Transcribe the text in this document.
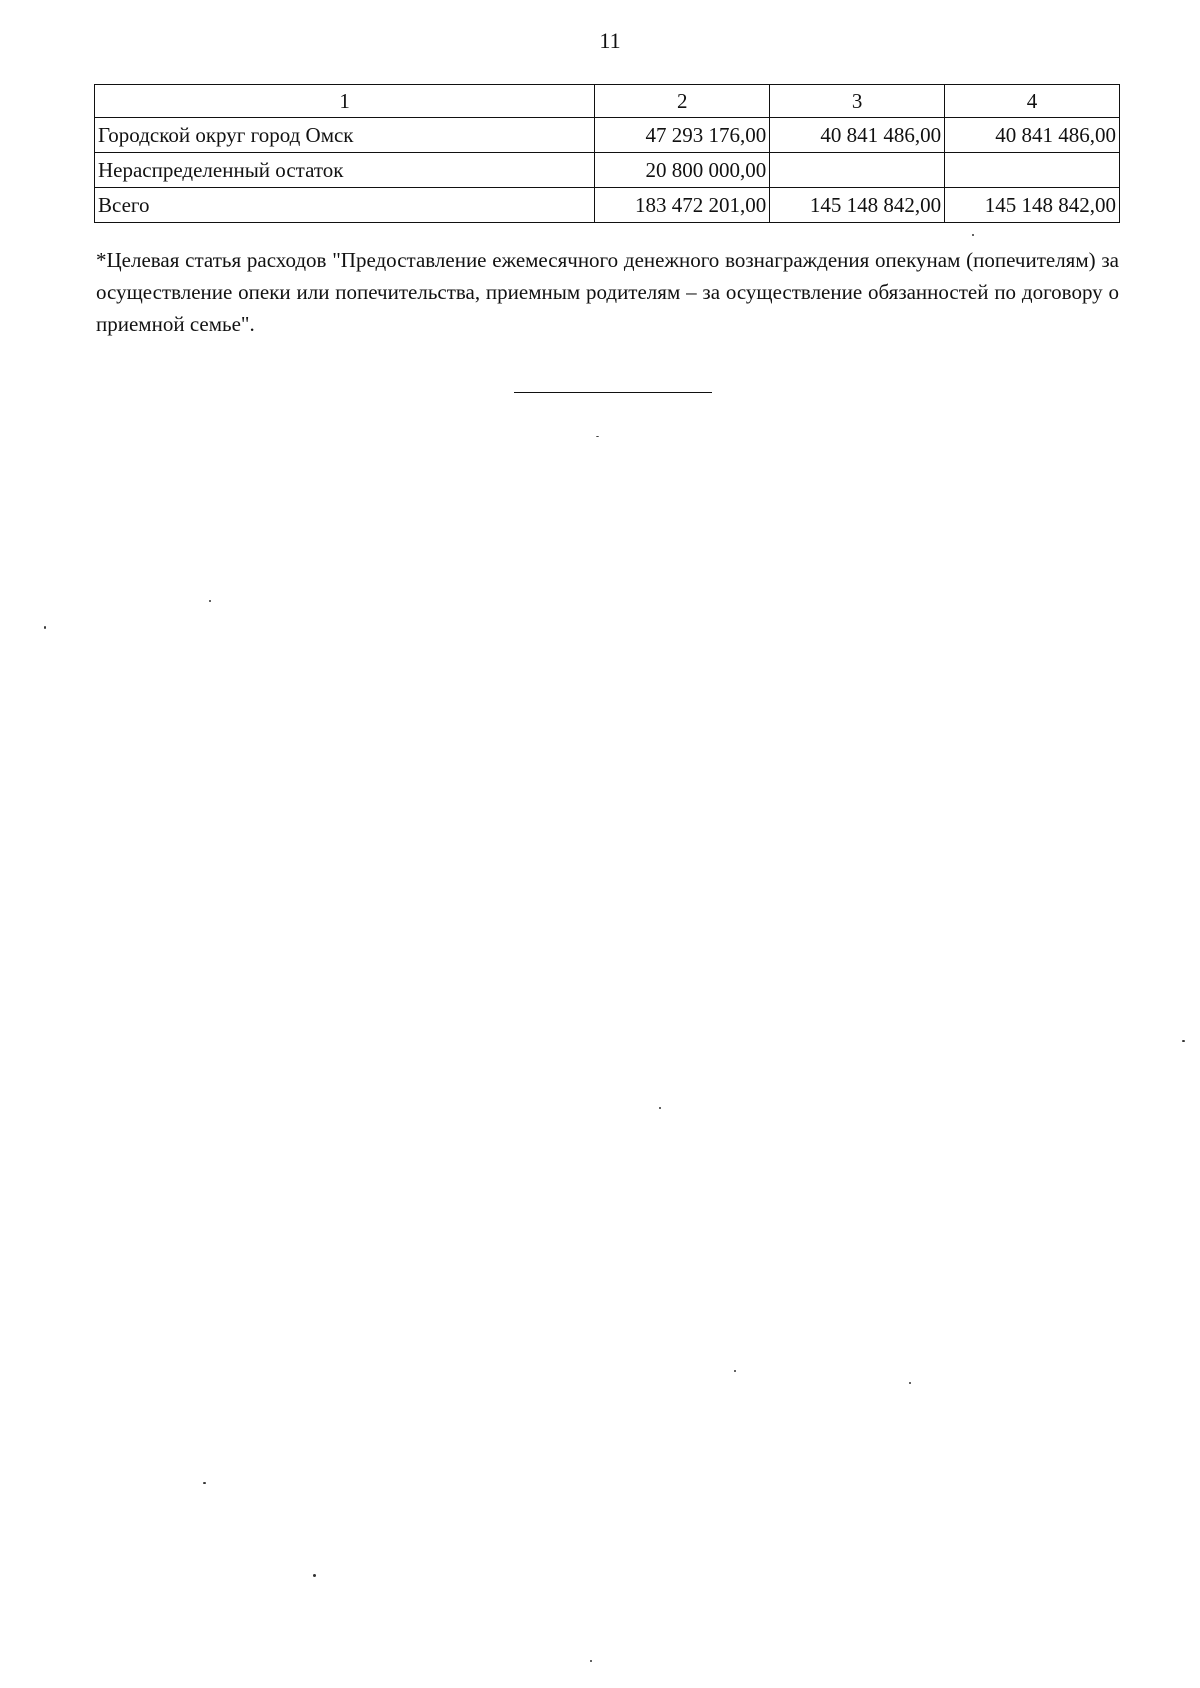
11
1	2	3	4
Городской округ город Омск	47 293 176,00	40 841 486,00	40 841 486,00
Нераспределенный остаток	20 800 000,00		
Всего	183 472 201,00	145 148 842,00	145 148 842,00
*Целевая статья расходов "Предоставление ежемесячного денежного вознаграждения опекунам (попечителям) за осуществление опеки или попечительства, приемным родителям – за осуществление обязанностей по договору о приемной семье".
